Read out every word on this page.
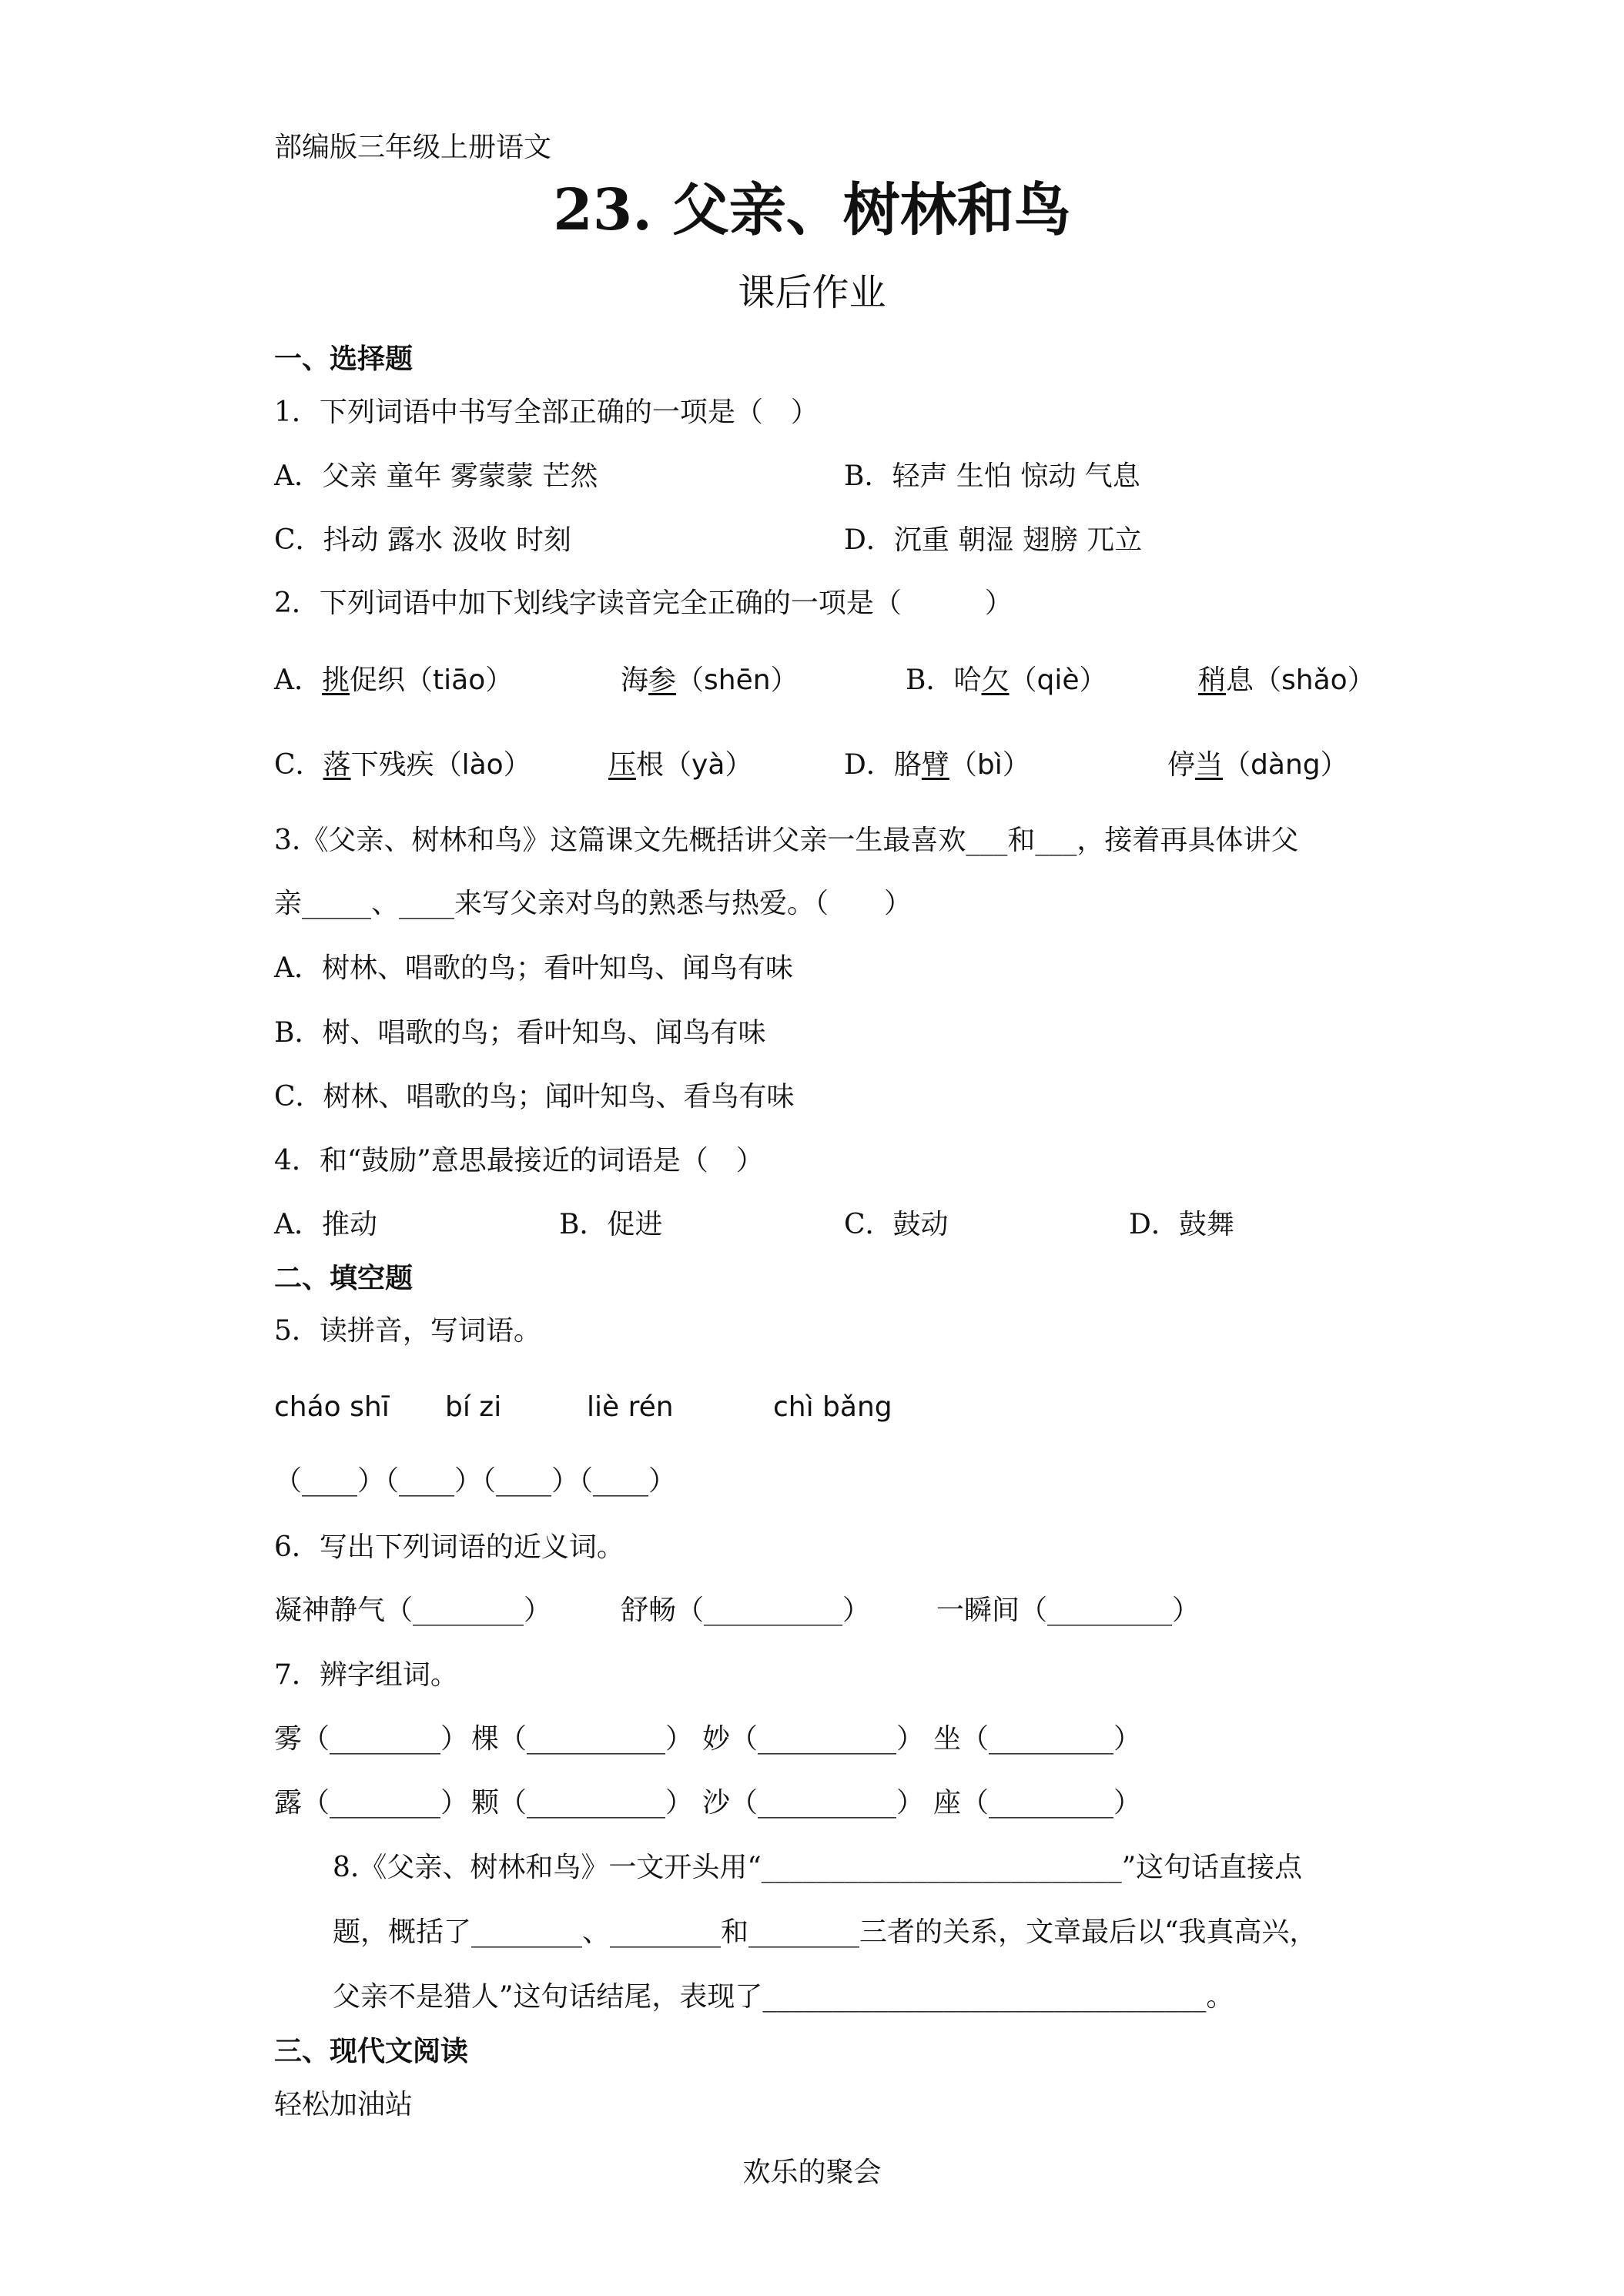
部编版三年级上册语文
23. 父亲、树林和鸟
课后作业
一、选择题
1．下列词语中书写全部正确的一项是（　）
A．父亲 童年 雾蒙蒙 芒然	B．轻声 生怕 惊动 气息
C．抖动 露水 汲收 时刻	D．沉重 朝湿 翅膀 兀立
2．下列词语中加下划线字读音完全正确的一项是（　　　）
A．挑促织（tiāo）	海参（shēn）	B．哈欠（qiè）	稍息（shǎo）
C．落下残疾（lào）	压根（yà）	D．胳臂（bì）	停当（dàng）
3.《父亲、树林和鸟》这篇课文先概括讲父亲一生最喜欢___和___，接着再具体讲父
亲_____、____来写父亲对鸟的熟悉与热爱。（　　）
A．树林、唱歌的鸟；看叶知鸟、闻鸟有味
B．树、唱歌的鸟；看叶知鸟、闻鸟有味
C．树林、唱歌的鸟；闻叶知鸟、看鸟有味
4．和“鼓励”意思最接近的词语是（　）
A．推动	B．促进	C．鼓动	D．鼓舞
二、填空题
5．读拼音，写词语。
cháo shī bí zi	liè rén	chì bǎng
（____）（____）（____）（____）
6．写出下列词语的近义词。
凝神静气（________） 舒畅（__________） 一瞬间（_________）
7．辨字组词。
雾（________） 棵（__________） 妙（__________） 坐（_________）
露（________） 颗（__________） 沙（__________） 座（_________）
8.《父亲、树林和鸟》一文开头用“__________________________”这句话直接点
题，概括了________、________和________三者的关系，文章最后以“我真高兴，
父亲不是猎人”这句话结尾，表现了________________________________。
三、现代文阅读
轻松加油站
欢乐的聚会
